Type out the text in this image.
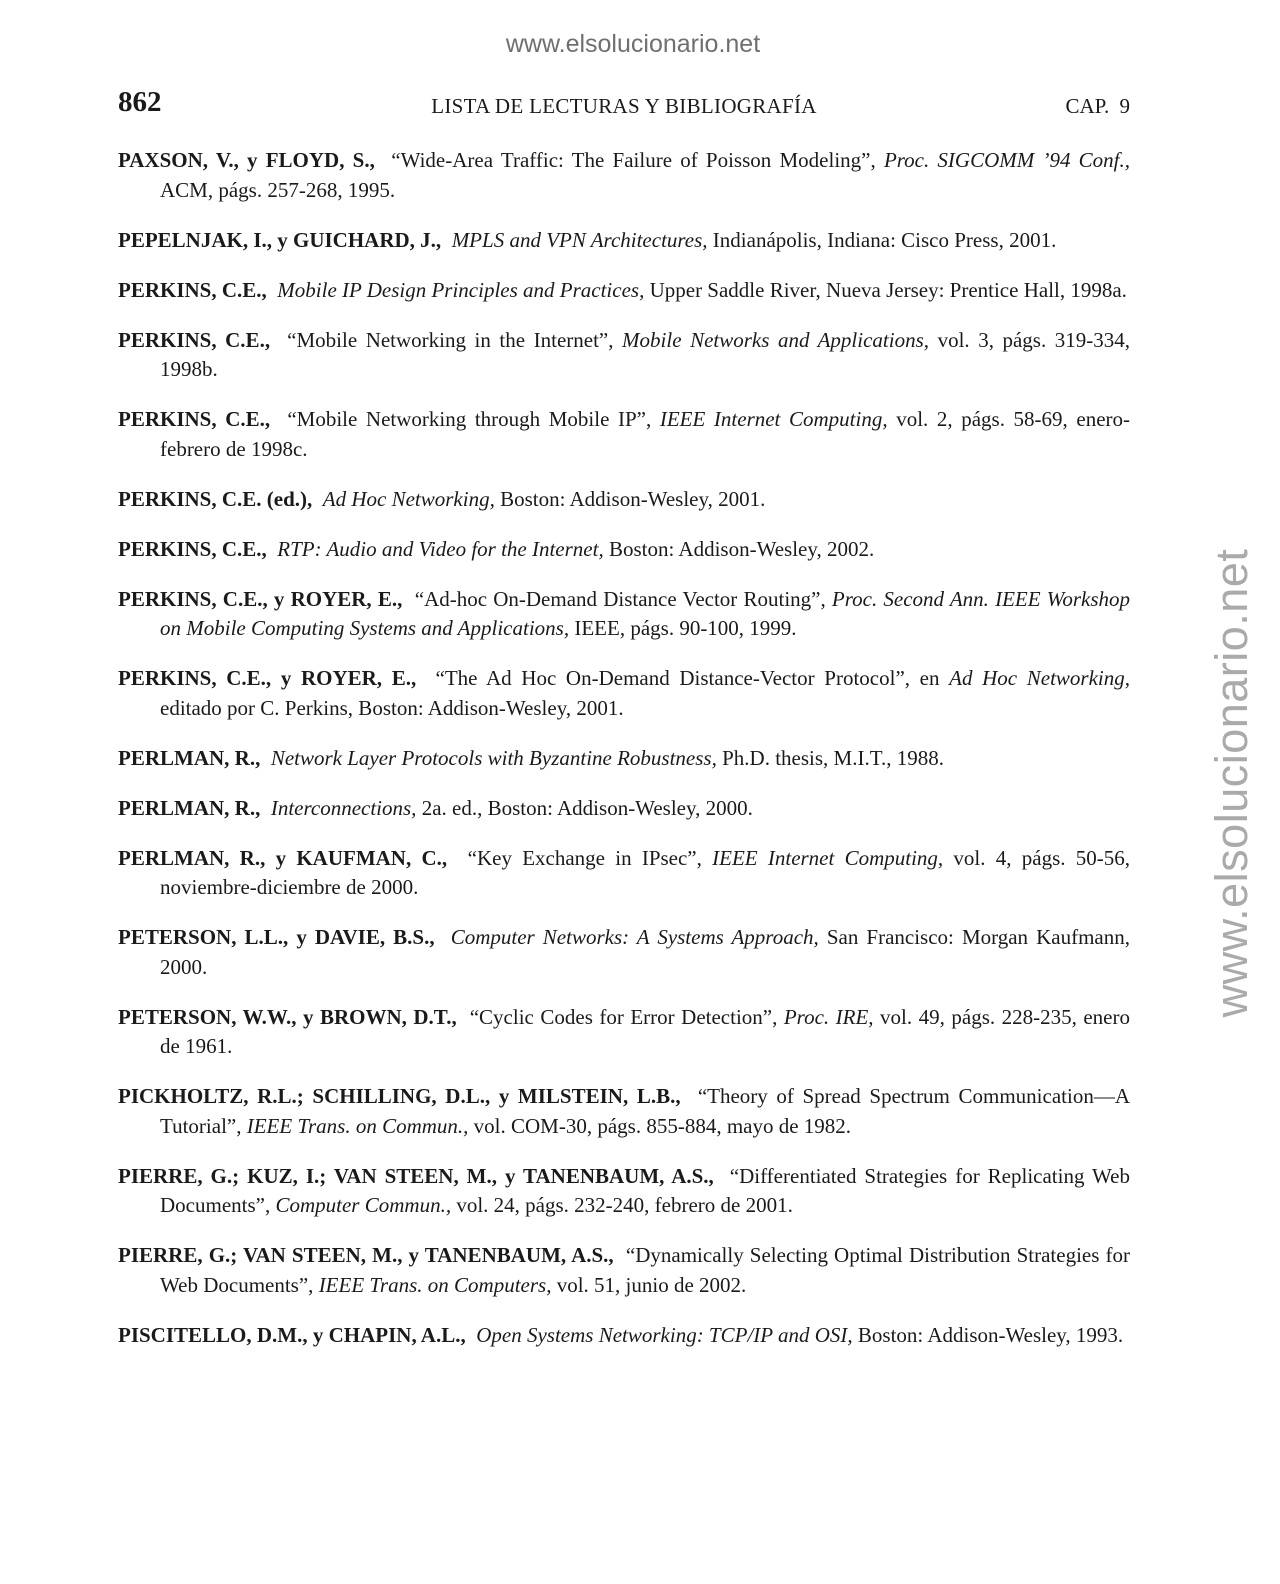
www.elsolucionario.net
www.elsolucionario.net
862	LISTA DE LECTURAS Y BIBLIOGRAFÍA	CAP. 9
PAXSON, V., y FLOYD, S., “Wide-Area Traffic: The Failure of Poisson Modeling”, Proc. SIGCOMM ’94 Conf., ACM, págs. 257-268, 1995.
PEPELNJAK, I., y GUICHARD, J., MPLS and VPN Architectures, Indianápolis, Indiana: Cisco Press, 2001.
PERKINS, C.E., Mobile IP Design Principles and Practices, Upper Saddle River, Nueva Jersey: Prentice Hall, 1998a.
PERKINS, C.E., “Mobile Networking in the Internet”, Mobile Networks and Applications, vol. 3, págs. 319-334, 1998b.
PERKINS, C.E., “Mobile Networking through Mobile IP”, IEEE Internet Computing, vol. 2, págs. 58-69, enero-febrero de 1998c.
PERKINS, C.E. (ed.), Ad Hoc Networking, Boston: Addison-Wesley, 2001.
PERKINS, C.E., RTP: Audio and Video for the Internet, Boston: Addison-Wesley, 2002.
PERKINS, C.E., y ROYER, E., “Ad-hoc On-Demand Distance Vector Routing”, Proc. Second Ann. IEEE Workshop on Mobile Computing Systems and Applications, IEEE, págs. 90-100, 1999.
PERKINS, C.E., y ROYER, E., “The Ad Hoc On-Demand Distance-Vector Protocol”, en Ad Hoc Networking, editado por C. Perkins, Boston: Addison-Wesley, 2001.
PERLMAN, R., Network Layer Protocols with Byzantine Robustness, Ph.D. thesis, M.I.T., 1988.
PERLMAN, R., Interconnections, 2a. ed., Boston: Addison-Wesley, 2000.
PERLMAN, R., y KAUFMAN, C., “Key Exchange in IPsec”, IEEE Internet Computing, vol. 4, págs. 50-56, noviembre-diciembre de 2000.
PETERSON, L.L., y DAVIE, B.S., Computer Networks: A Systems Approach, San Francisco: Morgan Kaufmann, 2000.
PETERSON, W.W., y BROWN, D.T., “Cyclic Codes for Error Detection”, Proc. IRE, vol. 49, págs. 228-235, enero de 1961.
PICKHOLTZ, R.L.; SCHILLING, D.L., y MILSTEIN, L.B., “Theory of Spread Spectrum Communication—A Tutorial”, IEEE Trans. on Commun., vol. COM-30, págs. 855-884, mayo de 1982.
PIERRE, G.; KUZ, I.; VAN STEEN, M., y TANENBAUM, A.S., “Differentiated Strategies for Replicating Web Documents”, Computer Commun., vol. 24, págs. 232-240, febrero de 2001.
PIERRE, G.; VAN STEEN, M., y TANENBAUM, A.S., “Dynamically Selecting Optimal Distribution Strategies for Web Documents”, IEEE Trans. on Computers, vol. 51, junio de 2002.
PISCITELLO, D.M., y CHAPIN, A.L., Open Systems Networking: TCP/IP and OSI, Boston: Addison-Wesley, 1993.
